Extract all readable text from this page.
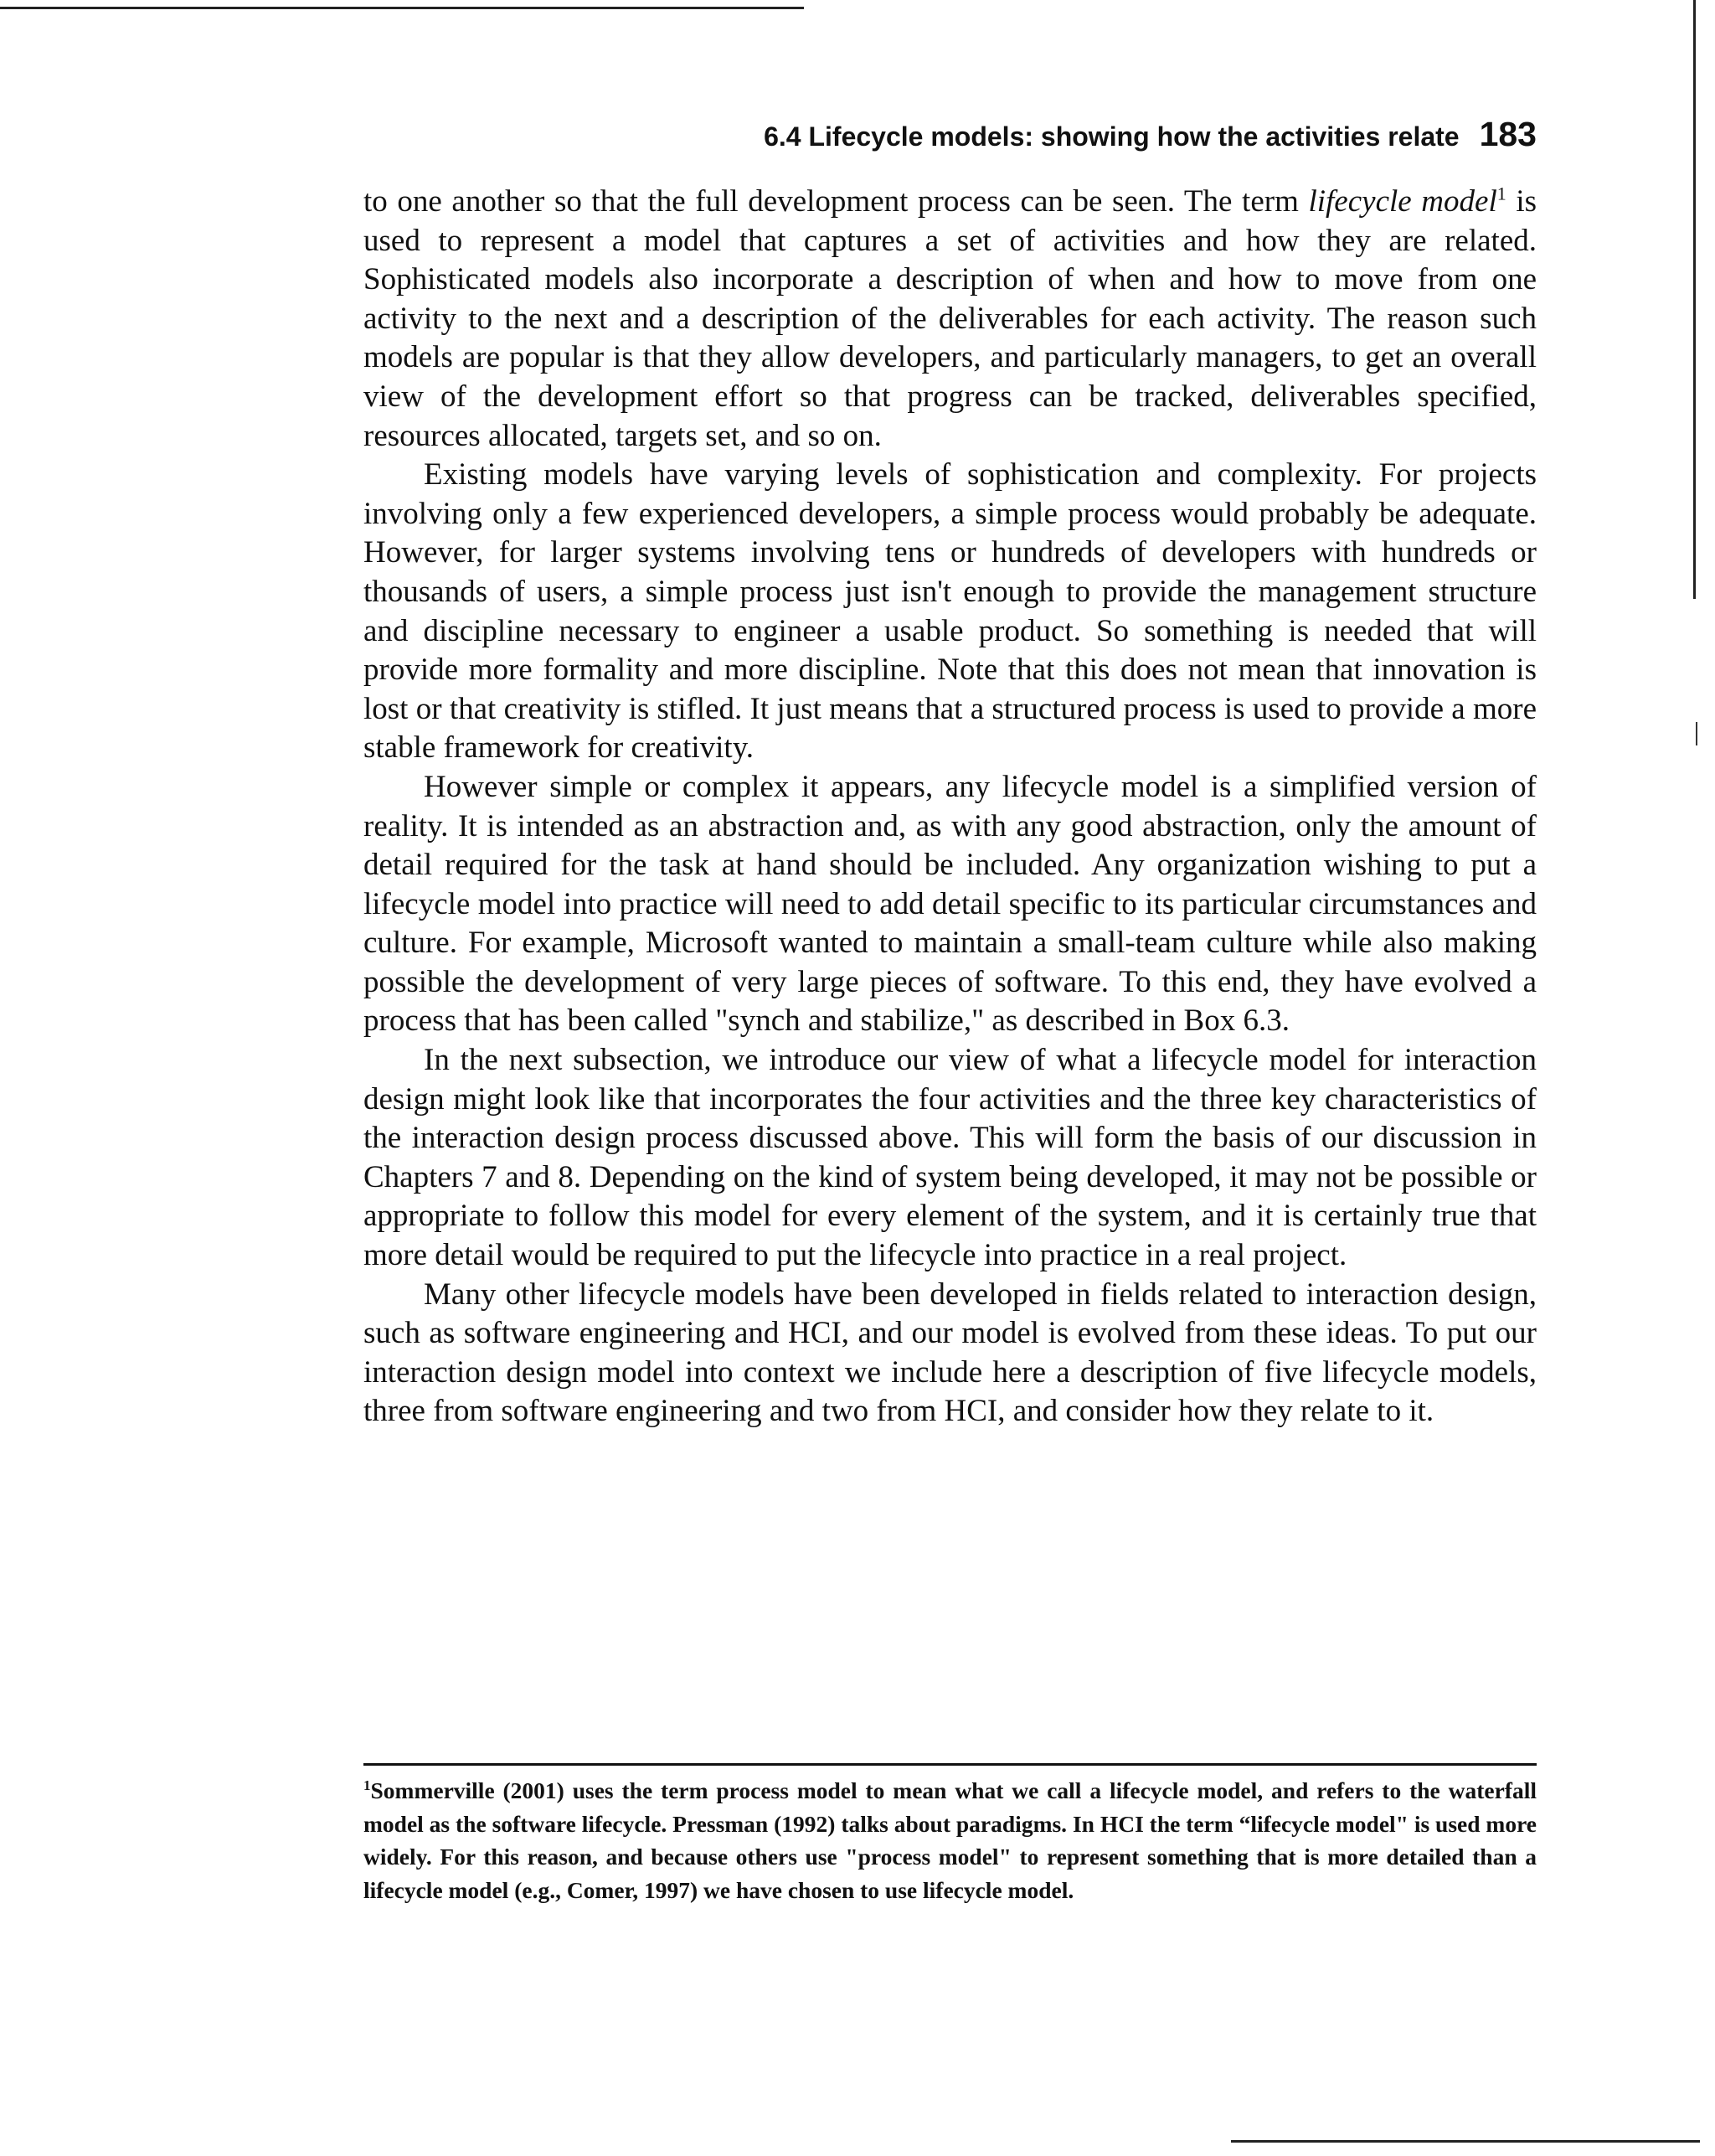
6.4 Lifecycle models: showing how the activities relate 183

to one another so that the full development process can be seen. The term lifecycle model$^1$ is used to represent a model that captures a set of activities and how they are related. Sophisticated models also incorporate a description of when and how to move from one activity to the next and a description of the deliverables for each activity. The reason such models are popular is that they allow developers, and particularly managers, to get an overall view of the development effort so that progress can be tracked, deliverables specified, resources allocated, targets set, and so on.

Existing models have varying levels of sophistication and complexity. For projects involving only a few experienced developers, a simple process would probably be adequate. However, for larger systems involving tens or hundreds of developers with hundreds or thousands of users, a simple process just isn't enough to provide the management structure and discipline necessary to engineer a usable product. So something is needed that will provide more formality and more discipline. Note that this does not mean that innovation is lost or that creativity is stifled. It just means that a structured process is used to provide a more stable framework for creativity.

However simple or complex it appears, any lifecycle model is a simplified version of reality. It is intended as an abstraction and, as with any good abstraction, only the amount of detail required for the task at hand should be included. Any organization wishing to put a lifecycle model into practice will need to add detail specific to its particular circumstances and culture. For example, Microsoft wanted to maintain a small-team culture while also making possible the development of very large pieces of software. To this end, they have evolved a process that has been called "synch and stabilize," as described in Box 6.3.

In the next subsection, we introduce our view of what a lifecycle model for interaction design might look like that incorporates the four activities and the three key characteristics of the interaction design process discussed above. This will form the basis of our discussion in Chapters 7 and 8. Depending on the kind of system being developed, it may not be possible or appropriate to follow this model for every element of the system, and it is certainly true that more detail would be required to put the lifecycle into practice in a real project.

Many other lifecycle models have been developed in fields related to interaction design, such as software engineering and HCI, and our model is evolved from these ideas. To put our interaction design model into context we include here a description of five lifecycle models, three from software engineering and two from HCI, and consider how they relate to it.

$^1$Sommerville (2001) uses the term process model to mean what we call a lifecycle model, and refers to the waterfall model as the software lifecycle. Pressman (1992) talks about paradigms. In HCI the term “lifecycle model" is used more widely. For this reason, and because others use "process model" to represent something that is more detailed than a lifecycle model (e.g., Comer, 1997) we have chosen to use lifecycle model.
